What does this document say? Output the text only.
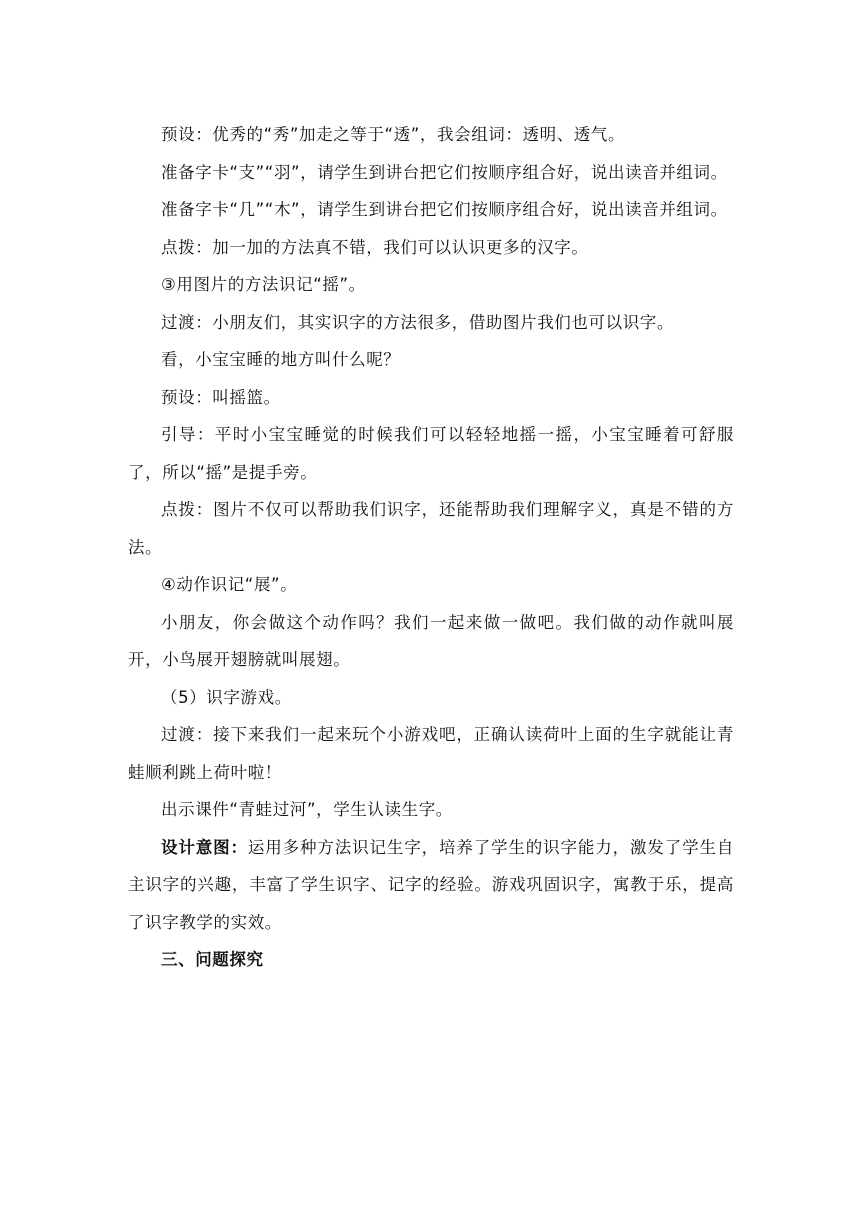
预设：优秀的“秀”加走之等于“透”，我会组词：透明、透气。

准备字卡“支”“羽”，请学生到讲台把它们按顺序组合好，说出读音并组词。

准备字卡“几”“木”，请学生到讲台把它们按顺序组合好，说出读音并组词。

点拨：加一加的方法真不错，我们可以认识更多的汉字。

③用图片的方法识记“摇”。

过渡：小朋友们，其实识字的方法很多，借助图片我们也可以识字。

看，小宝宝睡的地方叫什么呢？

预设：叫摇篮。

引导：平时小宝宝睡觉的时候我们可以轻轻地摇一摇，小宝宝睡着可舒服了，所以“摇”是提手旁。

点拨：图片不仅可以帮助我们识字，还能帮助我们理解字义，真是不错的方法。

④动作识记“展”。

小朋友，你会做这个动作吗？我们一起来做一做吧。我们做的动作就叫展开，小鸟展开翅膀就叫展翅。

（5）识字游戏。

过渡：接下来我们一起来玩个小游戏吧，正确认读荷叶上面的生字就能让青蛙顺利跳上荷叶啦！

出示课件“青蛙过河”，学生认读生字。

设计意图：运用多种方法识记生字，培养了学生的识字能力，激发了学生自主识字的兴趣，丰富了学生识字、记字的经验。游戏巩固识字，寓教于乐，提高了识字教学的实效。

三、问题探究
